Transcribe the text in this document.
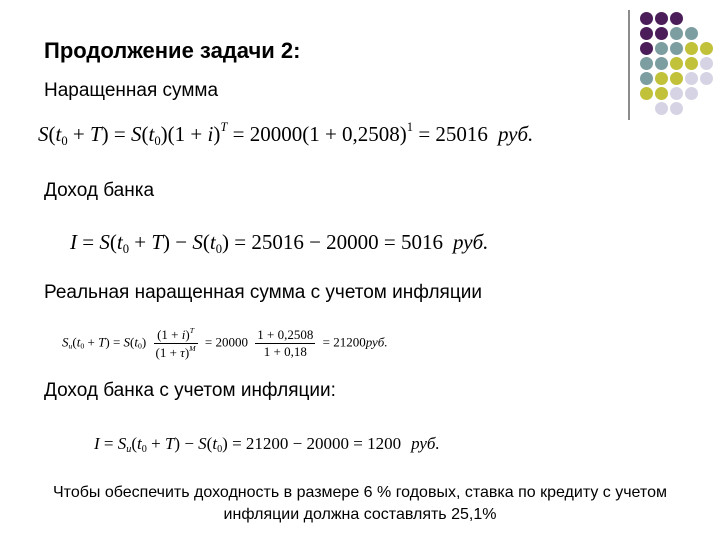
Продолжение задачи 2:
Наращенная сумма
$S(t_0 + T) = S(t_0)(1 + i)^T = 20000(1 + 0,2508)^1 = 25016$ руб.
Доход банка
$I = S(t_0 + T) - S(t_0) = 25016 - 20000 = 5016$ руб.
Реальная наращенная сумма с учетом инфляции
$S_u(t_0 + T) = S(t_0) \frac{(1 + i)^T}{(1 + \tau)^M} = 20000 \frac{1 + 0,2508}{1 + 0,18} = 21200руб$.
Доход банка с учетом инфляции:
$I = S_u(t_0 + T) - S(t_0) = 21200 - 20000 = 1200$ руб.
Чтобы обеспечить доходность в размере 6 % годовых, ставка по кредиту с учетом инфляции должна составлять 25,1%
